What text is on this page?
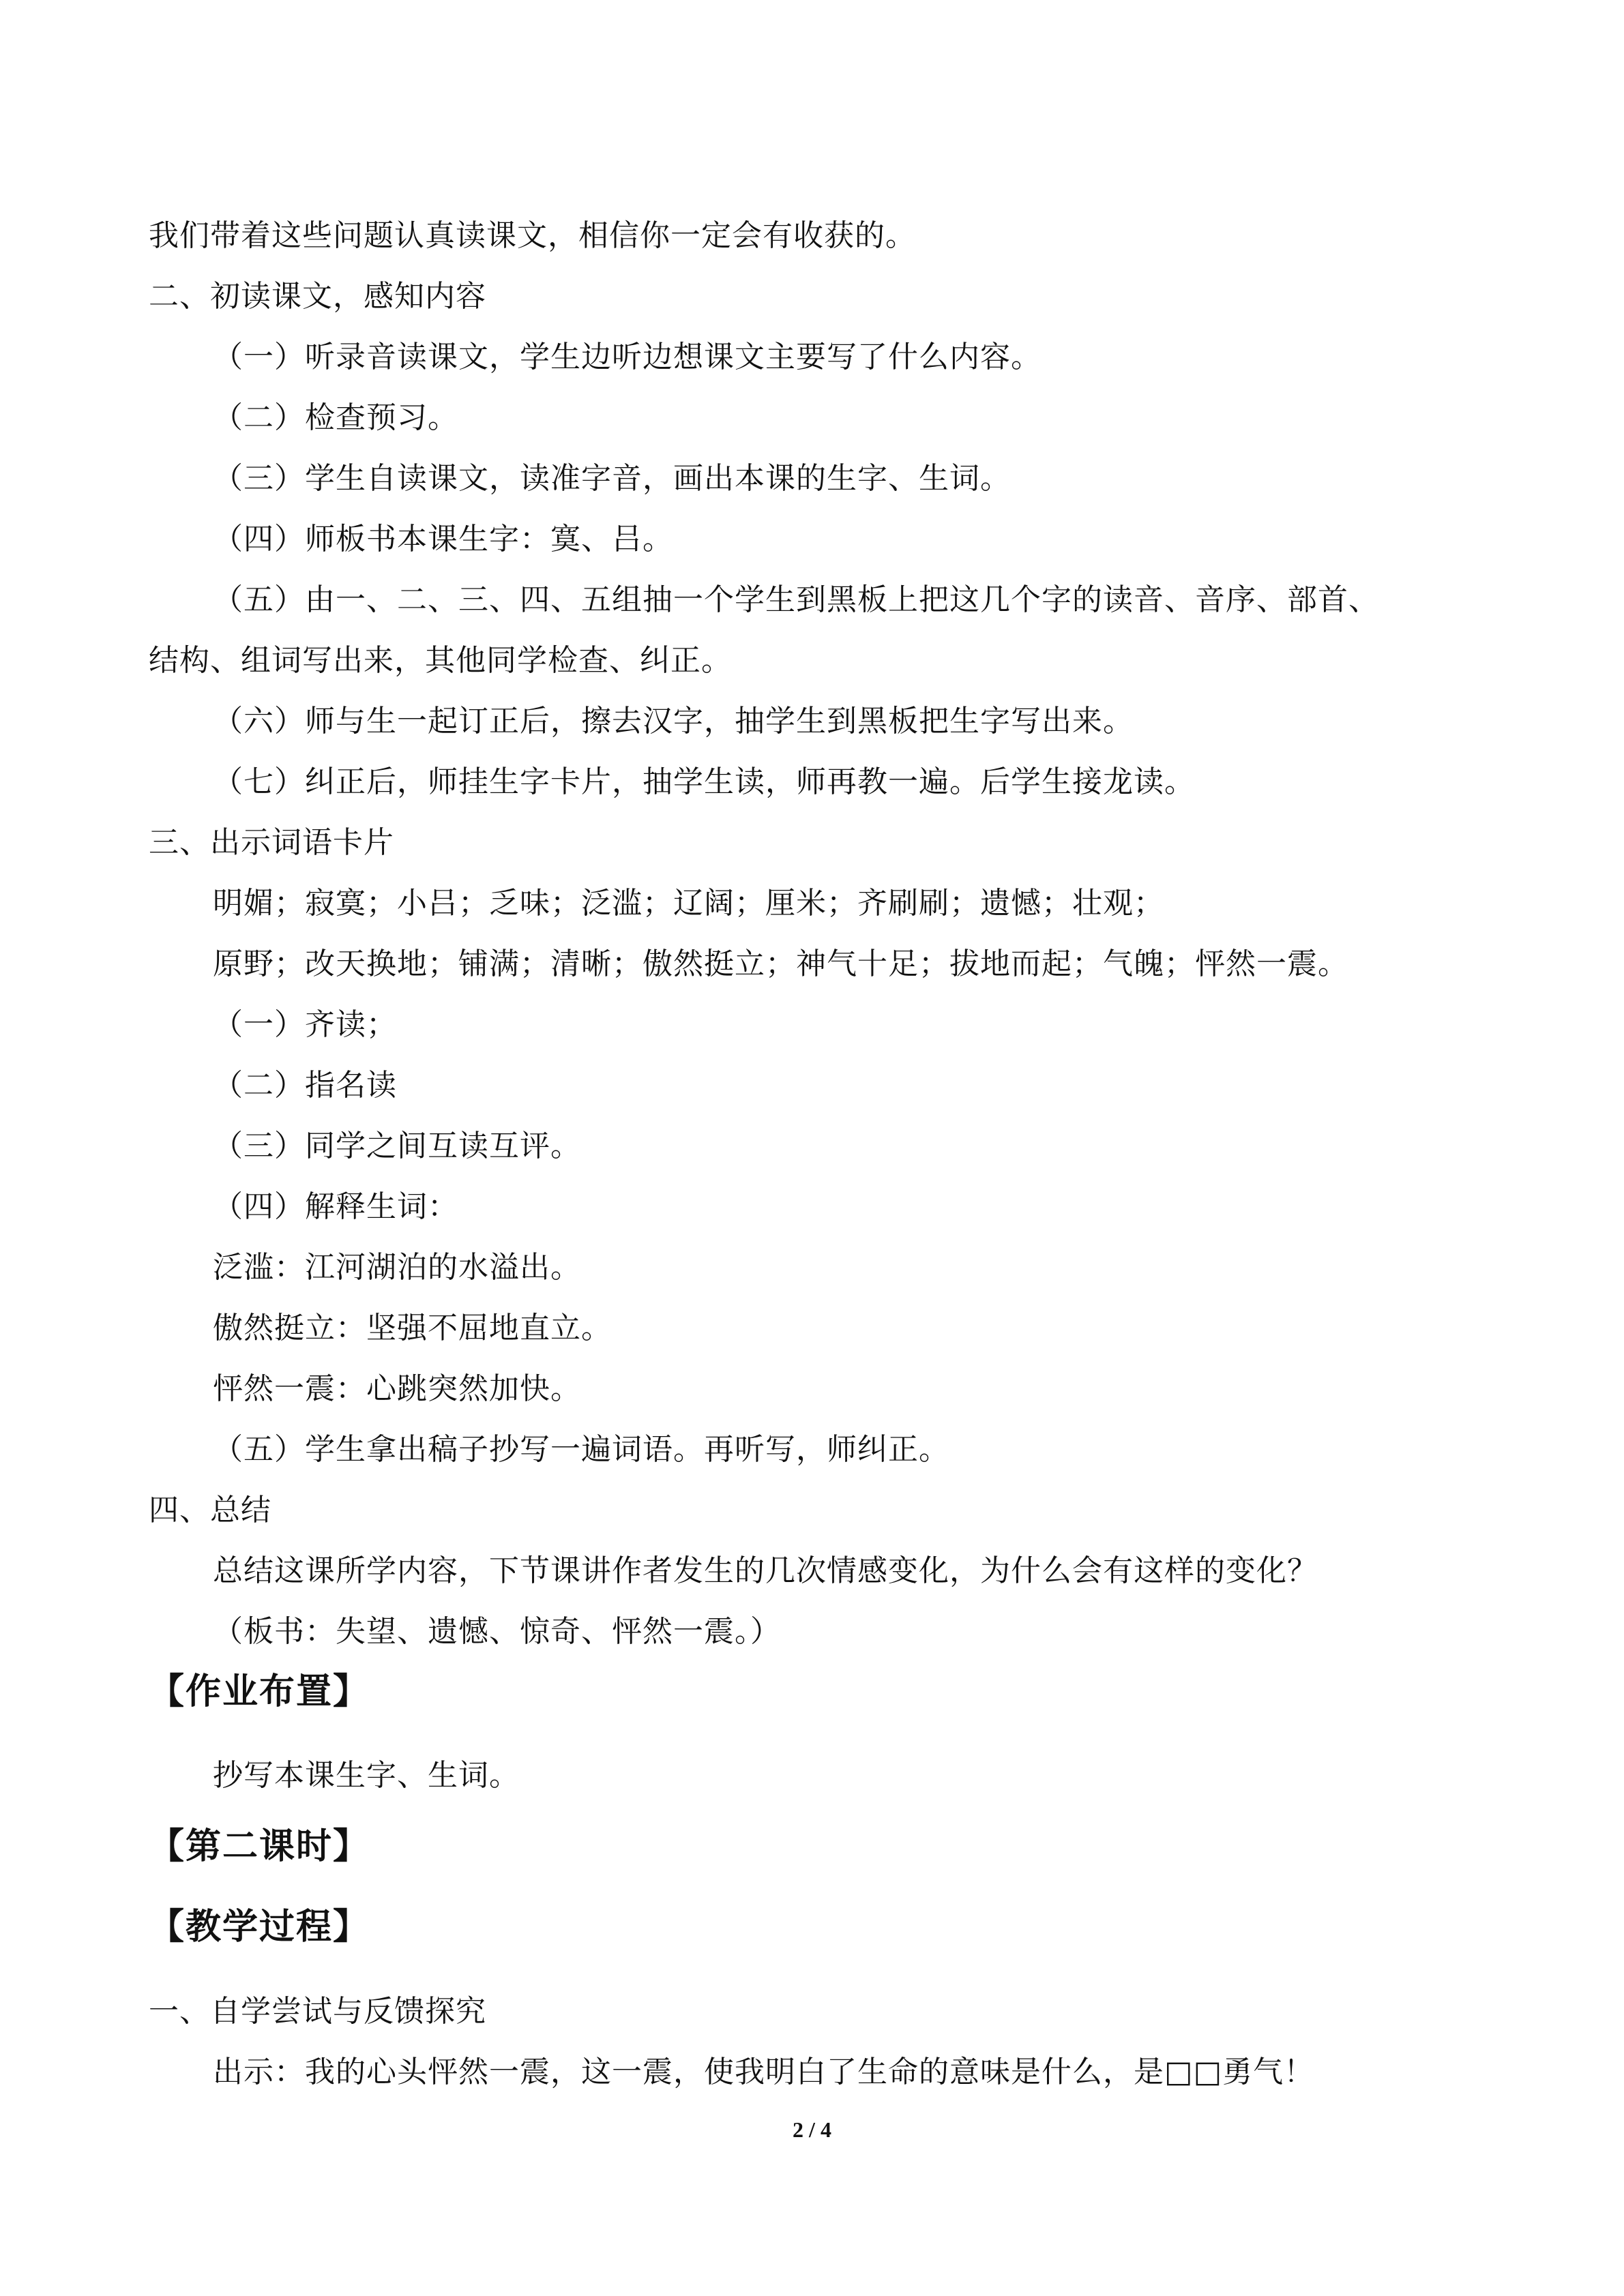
我们带着这些问题认真读课文，相信你一定会有收获的。
二、初读课文，感知内容
（一）听录音读课文，学生边听边想课文主要写了什么内容。
（二）检查预习。
（三）学生自读课文，读准字音，画出本课的生字、生词。
（四）师板书本课生字：寞、吕。
（五）由一、二、三、四、五组抽一个学生到黑板上把这几个字的读音、音序、部首、
结构、组词写出来，其他同学检查、纠正。
（六）师与生一起订正后，擦去汉字，抽学生到黑板把生字写出来。
（七）纠正后，师挂生字卡片，抽学生读，师再教一遍。后学生接龙读。
三、出示词语卡片
明媚；寂寞；小吕；乏味；泛滥；辽阔；厘米；齐刷刷；遗憾；壮观；
原野；改天换地；铺满；清晰；傲然挺立；神气十足；拔地而起；气魄；怦然一震。
（一）齐读；
（二）指名读
（三）同学之间互读互评。
（四）解释生词：
泛滥：江河湖泊的水溢出。
傲然挺立：坚强不屈地直立。
怦然一震：心跳突然加快。
（五）学生拿出稿子抄写一遍词语。再听写，师纠正。
四、总结
总结这课所学内容，下节课讲作者发生的几次情感变化，为什么会有这样的变化？
（板书：失望、遗憾、惊奇、怦然一震。）
【作业布置】
抄写本课生字、生词。
【第二课时】
【教学过程】
一、自学尝试与反馈探究
出示：我的心头怦然一震，这一震，使我明白了生命的意味是什么，是□□勇气！
2 / 4
